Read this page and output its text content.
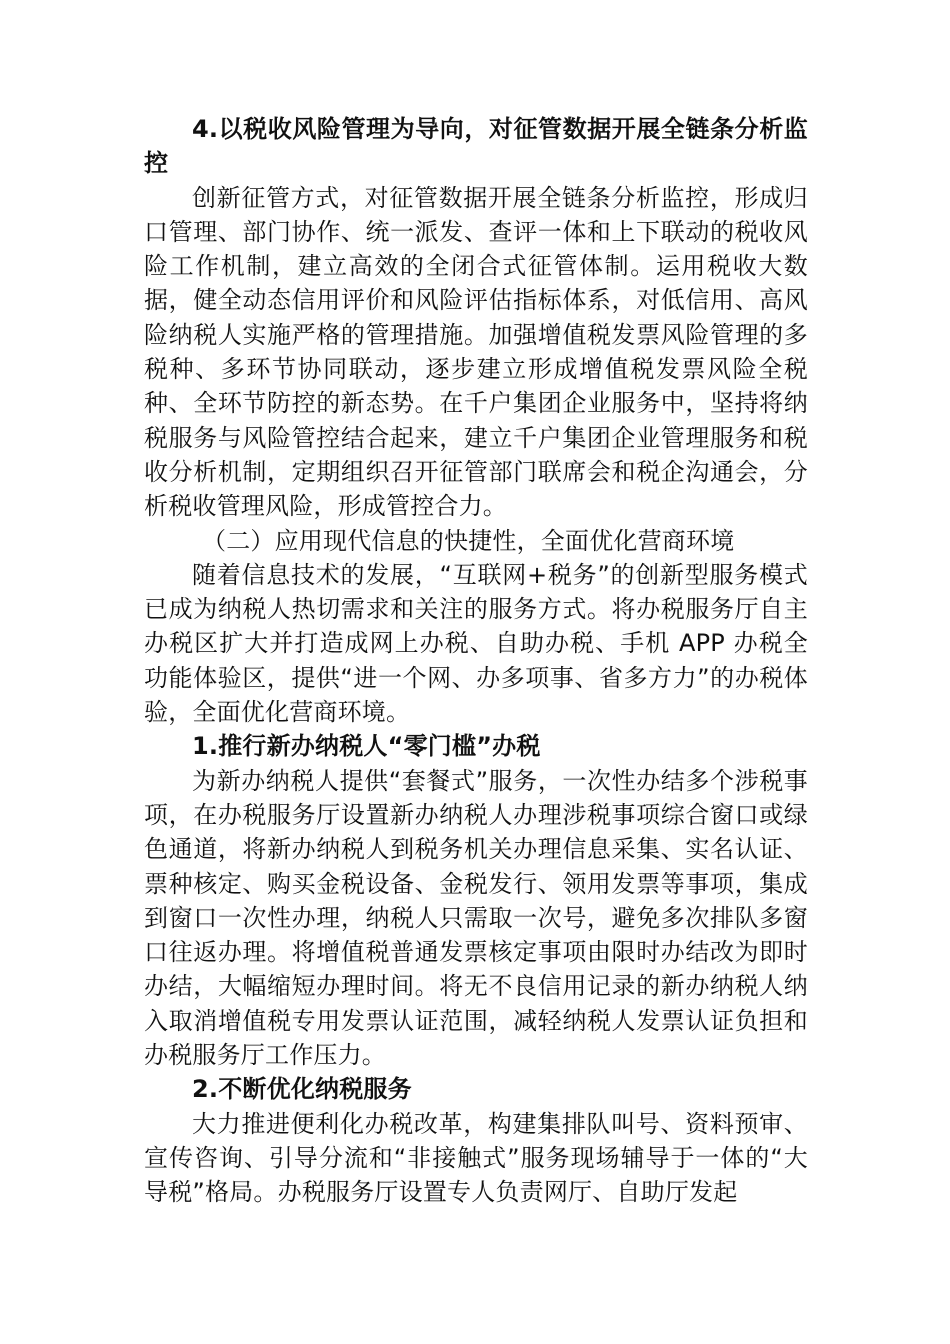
4.以税收风险管理为导向，对征管数据开展全链条分析监控

创新征管方式，对征管数据开展全链条分析监控，形成归口管理、部门协作、统一派发、查评一体和上下联动的税收风险工作机制，建立高效的全闭合式征管体制。运用税收大数据，健全动态信用评价和风险评估指标体系，对低信用、高风险纳税人实施严格的管理措施。加强增值税发票风险管理的多税种、多环节协同联动，逐步建立形成增值税发票风险全税种、全环节防控的新态势。在千户集团企业服务中，坚持将纳税服务与风险管控结合起来，建立千户集团企业管理服务和税收分析机制，定期组织召开征管部门联席会和税企沟通会，分析税收管理风险，形成管控合力。

（二）应用现代信息的快捷性，全面优化营商环境

随着信息技术的发展，“互联网+税务”的创新型服务模式已成为纳税人热切需求和关注的服务方式。将办税服务厅自主办税区扩大并打造成网上办税、自助办税、手机 APP 办税全功能体验区，提供“进一个网、办多项事、省多方力”的办税体验，全面优化营商环境。

1.推行新办纳税人“零门槛”办税

为新办纳税人提供“套餐式”服务，一次性办结多个涉税事项，在办税服务厅设置新办纳税人办理涉税事项综合窗口或绿色通道，将新办纳税人到税务机关办理信息采集、实名认证、票种核定、购买金税设备、金税发行、领用发票等事项，集成到窗口一次性办理，纳税人只需取一次号，避免多次排队多窗口往返办理。将增值税普通发票核定事项由限时办结改为即时办结，大幅缩短办理时间。将无不良信用记录的新办纳税人纳入取消增值税专用发票认证范围，减轻纳税人发票认证负担和办税服务厅工作压力。

2.不断优化纳税服务

大力推进便利化办税改革，构建集排队叫号、资料预审、宣传咨询、引导分流和“非接触式”服务现场辅导于一体的“大导税”格局。办税服务厅设置专人负责网厅、自助厅发起
